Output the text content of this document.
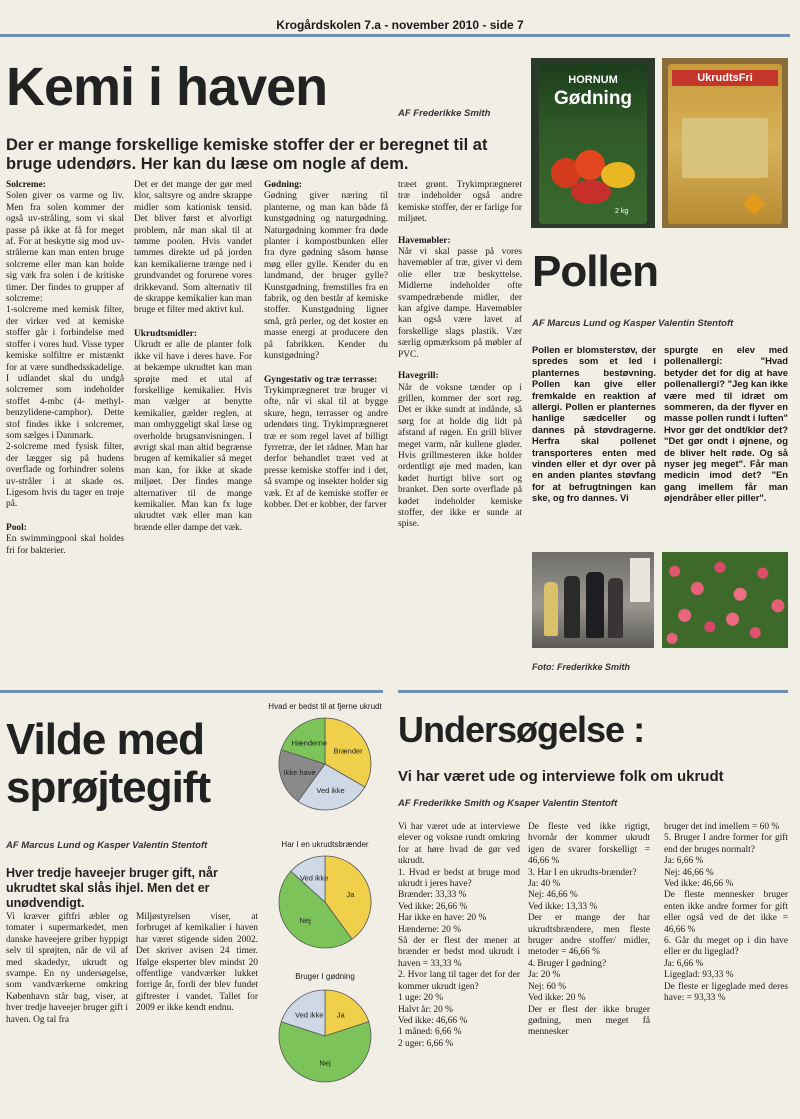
Krogårdskolen 7.a - november 2010 - side 7
Kemi i haven	AF Frederikke Smith
Der er mange forskellige kemiske stoffer der er beregnet til at bruge udendørs. Her kan du læse om nogle af dem.

Solcreme:
Solen giver os varme og liv. Men fra solen kommer der også uv-stråling, som vi skal passe på ikke at få for meget af. For at beskytte sig mod uv-strålerne kan man enten bruge solcreme eller man kan holde sig væk fra solen i de kritiske timer. Der findes to grupper af solcreme:

1-solcreme med kemisk filter, der virker ved at kemiske stoffer går i forbindelse med stoffer i vores hud. Visse typer kemiske solfiltre er mistænkt for at være sundhedsskadelige. I udlandet skal du undgå solcremer som indeholder stoffet 4-mbc (4- methyl-benzylidene-camphor). Dette stof findes ikke i solcremer, som sælges i Danmark.

2-solcreme med fysisk filter, der lægger sig på hudens overflade og forhindrer solens uv-stråler i at skade os. Ligesom hvis du tager en trøje på.

Pool:
En swimmingpool skal holdes fri for bakterier.

Det er det mange der gør med klor, saltsyre og andre skrappe midler som kationisk tensid. Det bliver først et alvorligt problem, når man skal til at tømme poolen. Hvis vandet tømmes direkte ud på jorden kan kemikalierne trænge ned i grundvandet og forurene vores drikkevand. Som alternativ til de skrappe kemikalier kan man bruge et filter med aktivt kul.

Ukrudtsmidler:
Ukrudt er alle de planter folk ikke vil have i deres have. For at bekæmpe ukrudtet kan man sprøjte med et utal af forskellige kemikalier. Hvis man vælger at benytte kemikalier, gælder reglen, at man omhyggeligt skal læse og overholde brugsanvisningen. I øvrigt skal man altid begrænse brugen af kemikalier så meget man kan, for ikke at skade miljøet. Der findes mange alternativer til de mange kemikalier. Man kan fx luge ukrudtet væk eller man kan brænde eller dampe det væk.

Gødning:
Gødning giver næring til planterne, og man kan både få kunstgødning og naturgødning. Naturgødning kommer fra døde planter i kompostbunken eller fra dyre gødning såsom hønse møg eller gylle. Kender du en landmand, der bruger gylle? Kunstgødning, fremstilles fra en fabrik, og den består af kemiske stoffer. Kunstgødning ligner små, grå perler, og det koster en masse energi at producere den på fabrikken. Kender du kunstgødning?

Gyngestativ og træ terrasse:
Trykimprægneret træ bruger vi ofte, når vi skal til at bygge skure, hegn, terrasser og andre udendørs ting. Trykimprægneret træ er som regel lavet af billigt fyrretræ, der let rådner. Man har derfor behandlet træet ved at presse kemiske stoffer ind i det, så svampe og insekter holder sig væk. Et af de kemiske stoffer er kobber. Det er kobber, der farver

træet grønt. Trykimprægneret træ indeholder også andre kemiske stoffer, der er farlige for miljøet.

Havemøbler:
Når vi skal passe på vores havemøbler af træ, giver vi dem olie eller træ beskyttelse. Midlerne indeholder ofte svampedræbende midler, der kan afgive dampe. Havemøbler kan også være lavet af forskellige slags plastik. Vær særlig opmærksom på møbler af PVC.

Havegrill:
Når de voksne tænder op i grillen, kommer der sort røg. Det er ikke sundt at indånde, så sørg for at holde dig lidt på afstand af røgen. En grill bliver meget varm, når kullene gløder. Hvis grillmesteren ikke holder ordentligt øje med maden, kan kødet hurtigt blive sort og branket. Den sorte overflade på kødet indeholder kemiske stoffer, der ikke er sunde at spise.

HORNUM
Gødning
2 kg
UkrudtsFri
Pollen
AF Marcus Lund og Kasper Valentin Stentoft
Pollen er blomsterstøv, der spredes som et led i planternes bestøvning. Pollen kan give eller fremkalde en reaktion af allergi. Pollen er planternes hanlige sædceller og dannes på støvdragerne. Herfra skal pollenet transporteres enten med vinden eller et dyr over på en anden plantes støvfang for at befrugtningen kan ske, og fro dannes. Vi
spurgte en elev med pollenallergi: "Hvad betyder det for dig at have pollenallergi? "Jeg kan ikke være med til idræt om sommeren, da der flyver en masse pollen rundt i luften" Hvor gør det ondt/klør det? "Det gør ondt i øjnene, og de bliver helt røde. Og så nyser jeg meget". Får man medicin imod det? "En gang imellem får man øjendråber eller piller".
Foto: Frederikke Smith
Vilde med
sprøjtegift
AF Marcus Lund og Kasper Valentin Stentoft
Hver tredje haveejer bruger gift, når ukrudtet skal slås ihjel. Men det er unødvendigt.
Vi kræver giftfri æbler og tomater i supermarkedet, men danske haveejere griber hyppigt selv til sprøjten, når de vil af med skadedyr, ukrudt og svampe. En ny undersøgelse, som vandværkerne omkring København står bag, viser, at hver tredje haveejer bruger gift i haven. Og tal fra
Miljøstyrelsen viser, at forbruget af kemikalier i haven har været stigende siden 2002. Det skriver avisen 24 timer. Ifølge eksperter blev mindst 20 offentlige vandværker lukket forrige år, fordi der blev fundet giftrester i vandet. Tallet for 2009 er ikke kendt endnu.
Hvad er bedst til at fjerne ukrudt
Brænder
Ved ikke
Ikke have
Hænderne
Har I en ukrudtsbrænder
Ja
Nej
Ved ikke
Bruger I gødning
Ja
Nej
Ved ikke
Undersøgelse :
Vi har været ude og interviewe folk om ukrudt
AF Frederikke Smith og Ksaper Valentin Stentoft

Vi har været ude at interviewe elever og voksne rundt omkring for at høre hvad de gør ved ukrudt.

1. Hvad er bedst at bruge mod ukrudt i jeres have?

Brænder: 33,33 %

Ved ikke: 26,66 %

Har ikke en have: 20 %

Hænderne: 20 %

Så der er flest der mener at brænder er bedst mod ukrudt i haven = 33,33 %

2. Hvor lang til tager det for der kommer ukrudt igen?

1 uge: 20 %

Halvt år: 20 %

Ved ikke: 46,66 %

1 måned: 6,66 %

2 uger: 6,66 %

De fleste ved ikke rigtigt, hvornår der kommer ukrudt igen de svarer forskelligt = 46,66 %

3. Har I en ukrudts-brænder?

Ja: 40 %

Nej: 46,66 %

Ved ikke: 13,33 %

Der er mange der har ukrudtsbrændere, men fleste bruger andre stoffer/ midler, metoder = 46,66 %

4. Bruger I gødning?

Ja: 20 %

Nej: 60 %

Ved ikke: 20 %

Der er flest der ikke bruger gødning, men meget få mennesker

bruger det ind imellem = 60 %

5. Bruger I andre former for gift end der bruges normalt?

Ja: 6,66 %

Nej: 46,66 %

Ved ikke: 46,66 %

De fleste mennesker bruger enten ikke andre former for gift eller også ved de det ikke = 46,66 %

6. Går du meget op i din have eller er du ligeglad?

Ja: 6,66 %

Ligeglad: 93,33 %

De fleste er ligeglade med deres have: = 93,33 %
